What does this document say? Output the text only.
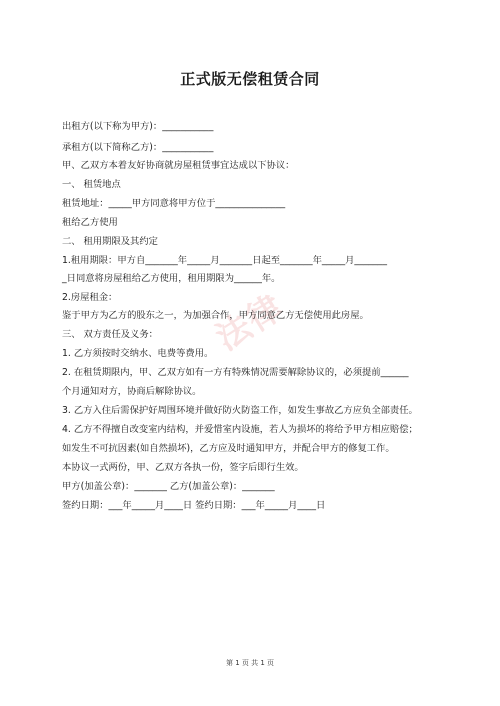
法律
正式版无偿租赁合同
出租方(以下称为甲方)：___________
承租方(以下简称乙方)：___________
甲、乙双方本着友好协商就房屋租赁事宜达成以下协议：
一、 租赁地点
租赁地址：_____甲方同意将甲方位于_______________
租给乙方使用
二、 租用期限及其约定
1.租用期限：甲方自_______年_____月_______日起至_______年_____月_______
_日同意将房屋租给乙方使用，租用期限为______年。
2.房屋租金：
鉴于甲方为乙方的股东之一，为加强合作，甲方同意乙方无偿使用此房屋。
三、 双方责任及义务：
1. 乙方须按时交纳水、电费等费用。
2. 在租赁期限内，甲、乙双方如有一方有特殊情况需要解除协议的，必须提前______
个月通知对方，协商后解除协议。
3. 乙方入住后需保护好周围环境并做好防火防盗工作，如发生事故乙方应负全部责任。
4. 乙方不得擅自改变室内结构，并爱惜室内设施，若人为损坏的将给予甲方相应赔偿；
如发生不可抗因素(如自然损坏)，乙方应及时通知甲方，并配合甲方的修复工作。
本协议一式两份，甲、乙双方各执一份，签字后即行生效。
甲方(加盖公章)：_______ 乙方(加盖公章)：_______
签约日期：___年_____月____日 签约日期：___年_____月____日
第 1 页 共 1 页
